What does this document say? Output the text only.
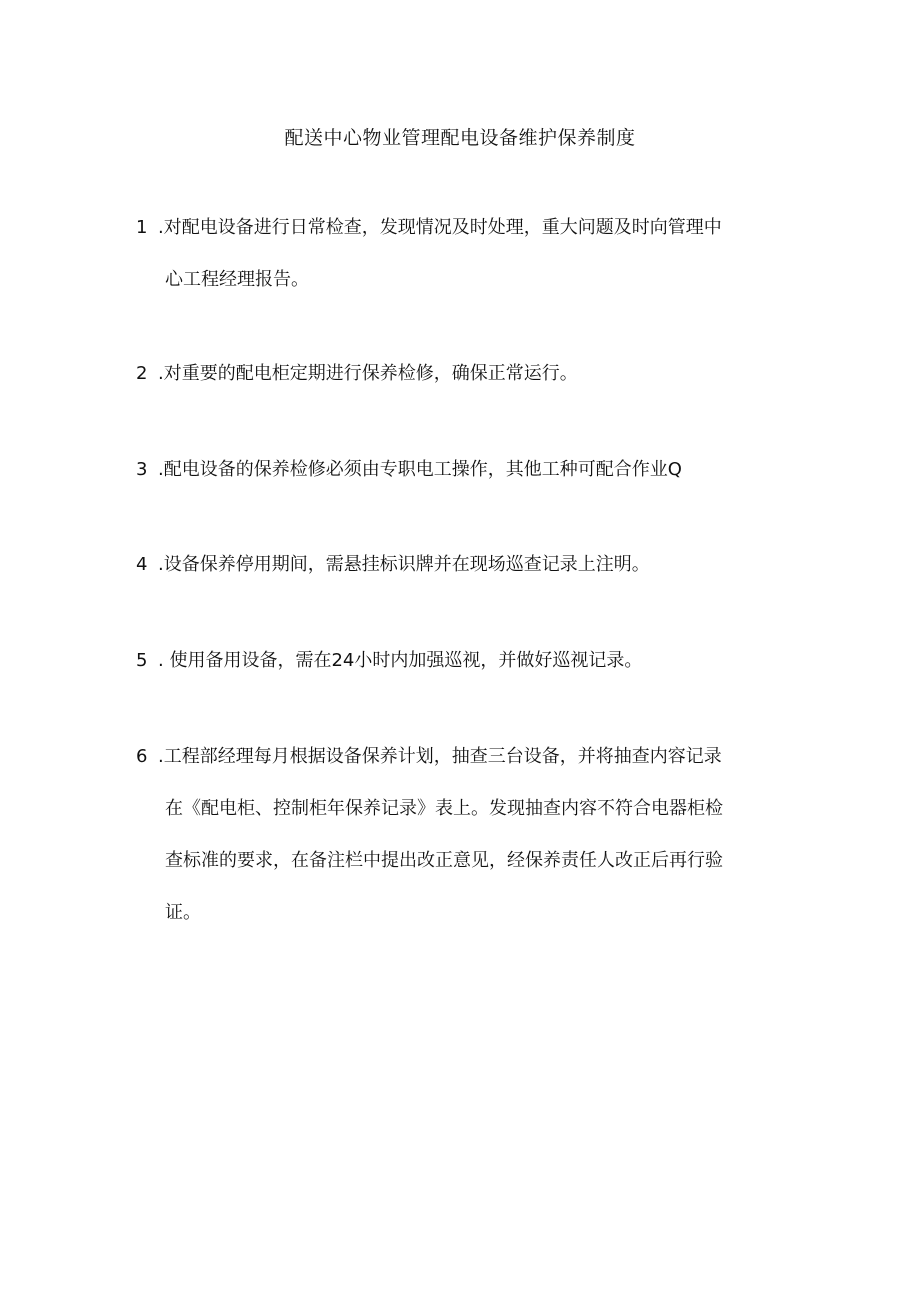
配送中心物业管理配电设备维护保养制度
1 .对配电设备进行日常检查，发现情况及时处理，重大问题及时向管理中
心工程经理报告。
2 .对重要的配电柜定期进行保养检修，确保正常运行。
3 .配电设备的保养检修必须由专职电工操作，其他工种可配合作业Q
4 .设备保养停用期间，需悬挂标识牌并在现场巡查记录上注明。
5 . 使用备用设备，需在24小时内加强巡视，并做好巡视记录。
6 .工程部经理每月根据设备保养计划，抽查三台设备，并将抽查内容记录
在《配电柜、控制柜年保养记录》表上。发现抽查内容不符合电器柜检
查标准的要求，在备注栏中提出改正意见，经保养责任人改正后再行验
证。
